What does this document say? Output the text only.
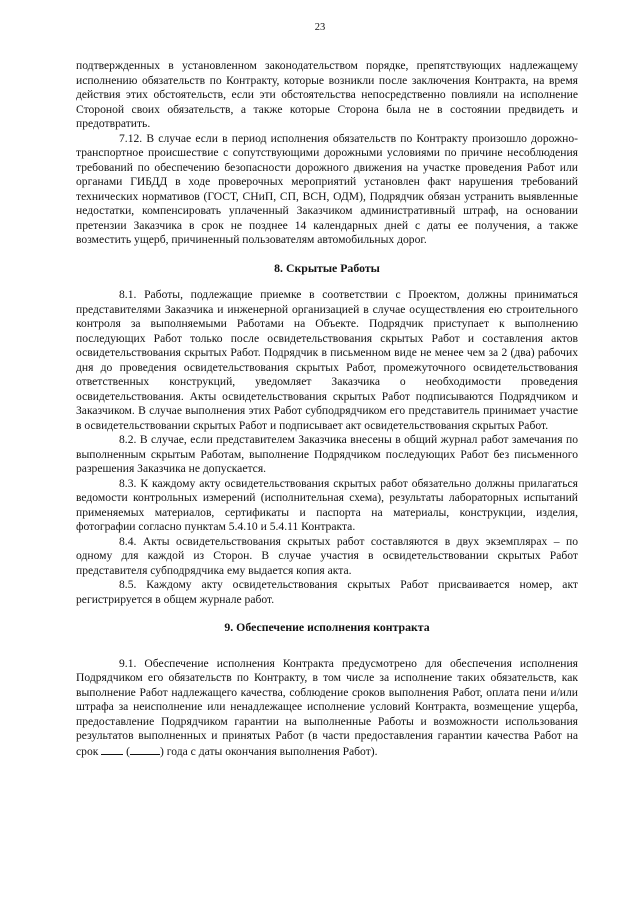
23

подтвержденных в установленном законодательством порядке, препятствующих надлежащему исполнению обязательств по Контракту, которые возникли после заключения Контракта, на время действия этих обстоятельств, если эти обстоятельства непосредственно повлияли на исполнение Стороной своих обязательств, а также которые Сторона была не в состоянии предвидеть и предотвратить.

7.12. В случае если в период исполнения обязательств по Контракту произошло дорожно-транспортное происшествие с сопутствующими дорожными условиями по причине несоблюдения требований по обеспечению безопасности дорожного движения на участке проведения Работ или органами ГИБДД в ходе проверочных мероприятий установлен факт нарушения требований технических нормативов (ГОСТ, СНиП, СП, ВСН, ОДМ), Подрядчик обязан устранить выявленные недостатки, компенсировать уплаченный Заказчиком административный штраф, на основании претензии Заказчика в срок не позднее 14 календарных дней с даты ее получения, а также возместить ущерб, причиненный пользователям автомобильных дорог.

8. Скрытые Работы

8.1. Работы, подлежащие приемке в соответствии с Проектом, должны приниматься представителями Заказчика и инженерной организацией в случае осуществления ею строительного контроля за выполняемыми Работами на Объекте. Подрядчик приступает к выполнению последующих Работ только после освидетельствования скрытых Работ и составления актов освидетельствования скрытых Работ. Подрядчик в письменном виде не менее чем за 2 (два) рабочих дня до проведения освидетельствования скрытых Работ, промежуточного освидетельствования ответственных конструкций, уведомляет Заказчика о необходимости проведения освидетельствования. Акты освидетельствования скрытых Работ подписываются Подрядчиком и Заказчиком. В случае выполнения этих Работ субподрядчиком его представитель принимает участие в освидетельствовании скрытых Работ и подписывает акт освидетельствования скрытых Работ.

8.2. В случае, если представителем Заказчика внесены в общий журнал работ замечания по выполненным скрытым Работам, выполнение Подрядчиком последующих Работ без письменного разрешения Заказчика не допускается.

8.3. К каждому акту освидетельствования скрытых работ обязательно должны прилагаться ведомости контрольных измерений (исполнительная схема), результаты лабораторных испытаний применяемых материалов, сертификаты и паспорта на материалы, конструкции, изделия, фотографии согласно пунктам 5.4.10 и 5.4.11 Контракта.

8.4. Акты освидетельствования скрытых работ составляются в двух экземплярах – по одному для каждой из Сторон. В случае участия в освидетельствовании скрытых Работ представителя субподрядчика ему выдается копия акта.

8.5. Каждому акту освидетельствования скрытых Работ присваивается номер, акт регистрируется в общем журнале работ.

9. Обеспечение исполнения контракта

9.1. Обеспечение исполнения Контракта предусмотрено для обеспечения исполнения Подрядчиком его обязательств по Контракту, в том числе за исполнение таких обязательств, как выполнение Работ надлежащего качества, соблюдение сроков выполнения Работ, оплата пени и/или штрафа за неисполнение или ненадлежащее исполнение условий Контракта, возмещение ущерба, предоставление Подрядчиком гарантии на выполненные Работы и возможности использования результатов выполненных и принятых Работ (в части предоставления гарантии качества Работ на срок  (	) года с даты окончания выполнения Работ).
